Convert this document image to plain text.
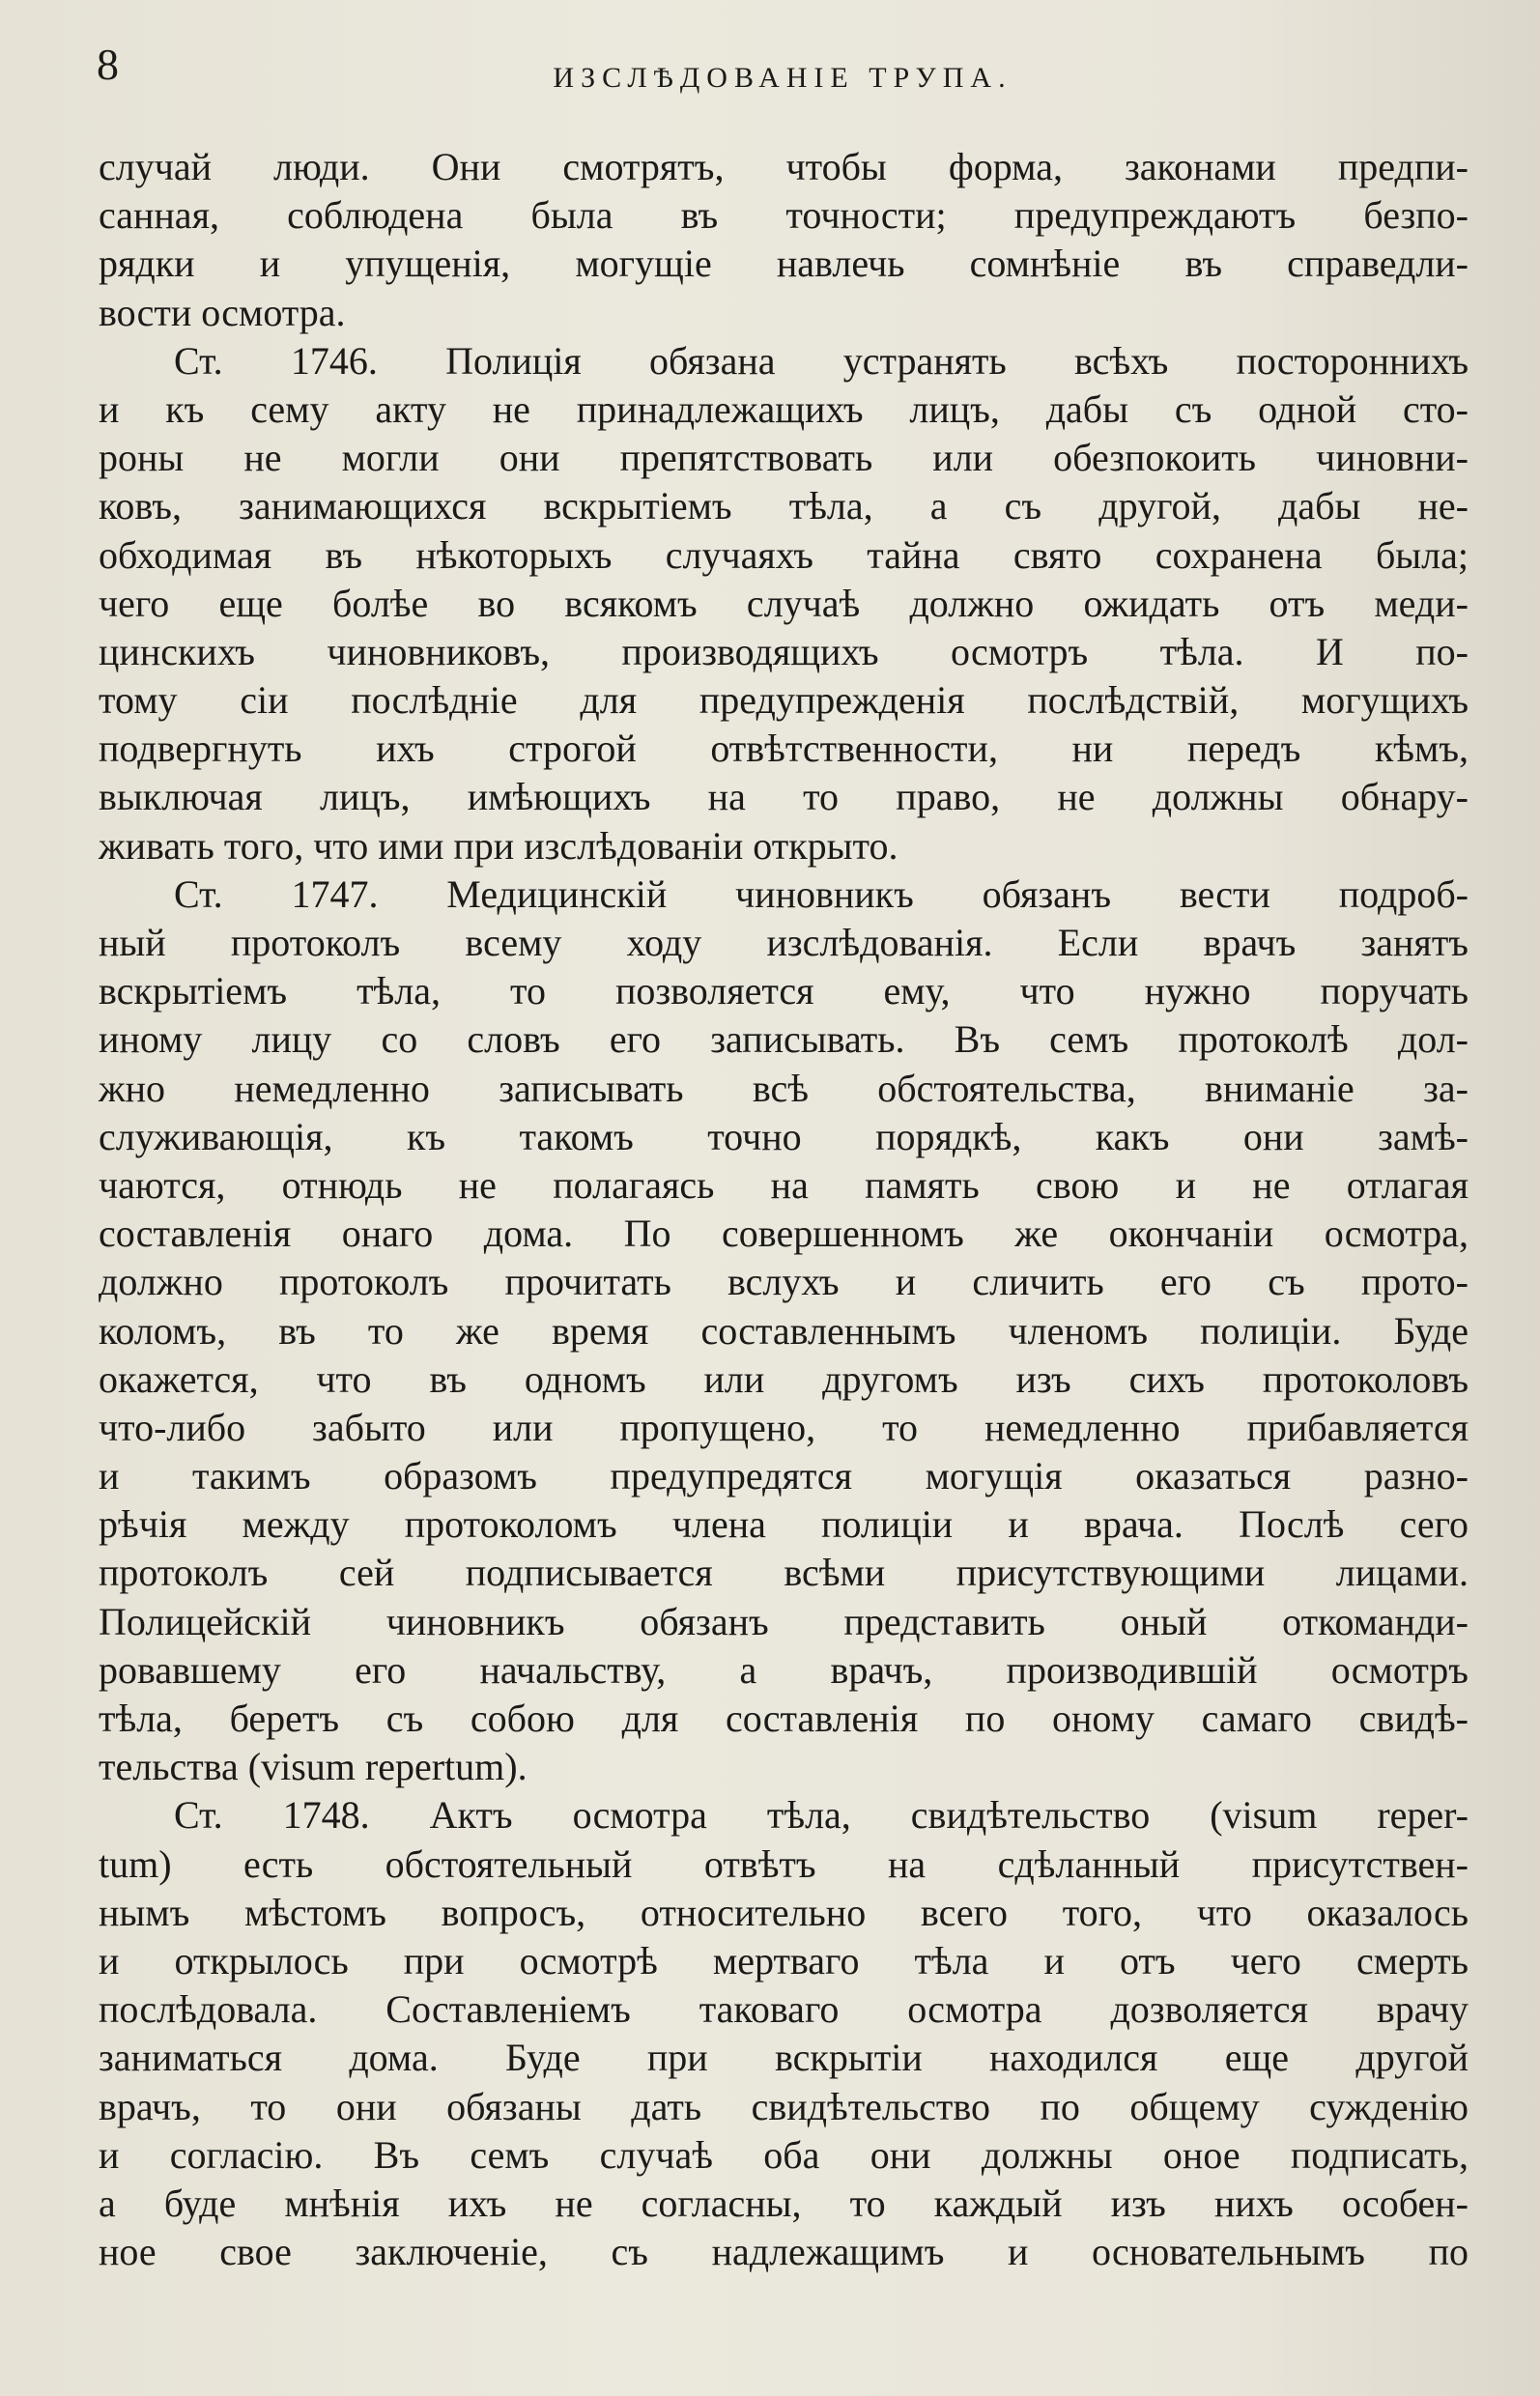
8	ИЗСЛѢДОВАНІЕ ТРУПА.
случай люди. Они смотрятъ, чтобы форма, законами предпи-
санная, соблюдена была въ точности; предупреждаютъ безпо-
рядки и упущенія, могущіе навлечь сомнѣніе въ справедли-
вости осмотра.
Ст. 1746. Полиція обязана устранять всѣхъ постороннихъ
и къ сему акту не принадлежащихъ лицъ, дабы съ одной сто-
роны не могли они препятствовать или обезпокоить чиновни-
ковъ, занимающихся вскрытіемъ тѣла, а съ другой, дабы не-
обходимая въ нѣкоторыхъ случаяхъ тайна свято сохранена была;
чего еще болѣе во всякомъ случаѣ должно ожидать отъ меди-
цинскихъ чиновниковъ, производящихъ осмотръ тѣла. И по-
тому сіи послѣдніе для предупрежденія послѣдствій, могущихъ
подвергнуть ихъ строгой отвѣтственности, ни передъ кѣмъ,
выключая лицъ, имѣющихъ на то право, не должны обнару-
живать того, что ими при изслѣдованіи открыто.
Ст. 1747. Медицинскій чиновникъ обязанъ вести подроб-
ный протоколъ всему ходу изслѣдованія. Если врачъ занятъ
вскрытіемъ тѣла, то позволяется ему, что нужно поручать
иному лицу со словъ его записывать. Въ семъ протоколѣ дол-
жно немедленно записывать всѣ обстоятельства, вниманіе за-
служивающія, къ такомъ точно порядкѣ, какъ они замѣ-
чаются, отнюдь не полагаясь на память свою и не отлагая
составленія онаго дома. По совершенномъ же окончаніи осмотра,
должно протоколъ прочитать вслухъ и сличить его съ прото-
коломъ, въ то же время составленнымъ членомъ полиціи. Буде
окажется, что въ одномъ или другомъ изъ сихъ протоколовъ
что-либо забыто или пропущено, то немедленно прибавляется
и такимъ образомъ предупредятся могущія оказаться разно-
рѣчія между протоколомъ члена полиціи и врача. Послѣ сего
протоколъ сей подписывается всѣми присутствующими лицами.
Полицейскій чиновникъ обязанъ представить оный откоманди-
ровавшему его начальству, а врачъ, производившій осмотръ
тѣла, беретъ съ собою для составленія по оному самаго свидѣ-
тельства (visum repertum).
Ст. 1748. Актъ осмотра тѣла, свидѣтельство (visum reper-
tum) есть обстоятельный отвѣтъ на сдѣланный присутствен-
нымъ мѣстомъ вопросъ, относительно всего того, что оказалось
и открылось при осмотрѣ мертваго тѣла и отъ чего смерть
послѣдовала. Составленіемъ таковаго осмотра дозволяется врачу
заниматься дома. Буде при вскрытіи находился еще другой
врачъ, то они обязаны дать свидѣтельство по общему сужденію
и согласію. Въ семъ случаѣ оба они должны оное подписать,
а буде мнѣнія ихъ не согласны, то каждый изъ нихъ особен-
ное свое заключеніе, съ надлежащимъ и основательнымъ по
